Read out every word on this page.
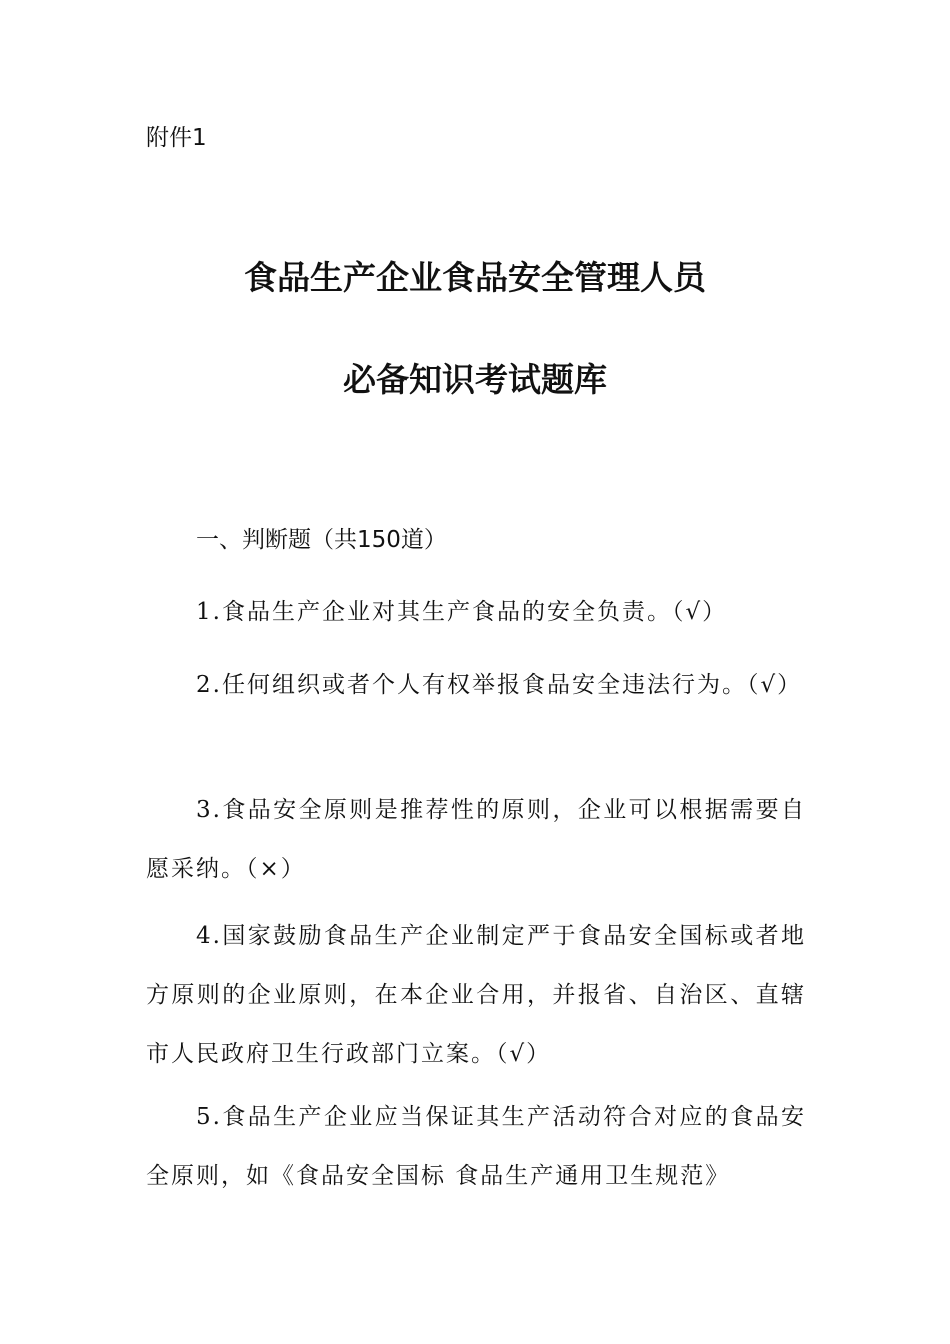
附件1
食品生产企业食品安全管理人员
必备知识考试题库
一、判断题（共150道）

1.食品生产企业对其生产食品的安全负责。（√）

2.任何组织或者个人有权举报食品安全违法行为。（√）

3.食品安全原则是推荐性的原则，企业可以根据需要自愿采纳。（×）

4.国家鼓励食品生产企业制定严于食品安全国标或者地方原则的企业原则，在本企业合用，并报省、自治区、直辖市人民政府卫生行政部门立案。（√）

5.食品生产企业应当保证其生产活动符合对应的食品安全原则，如《食品安全国标 食品生产通用卫生规范》
